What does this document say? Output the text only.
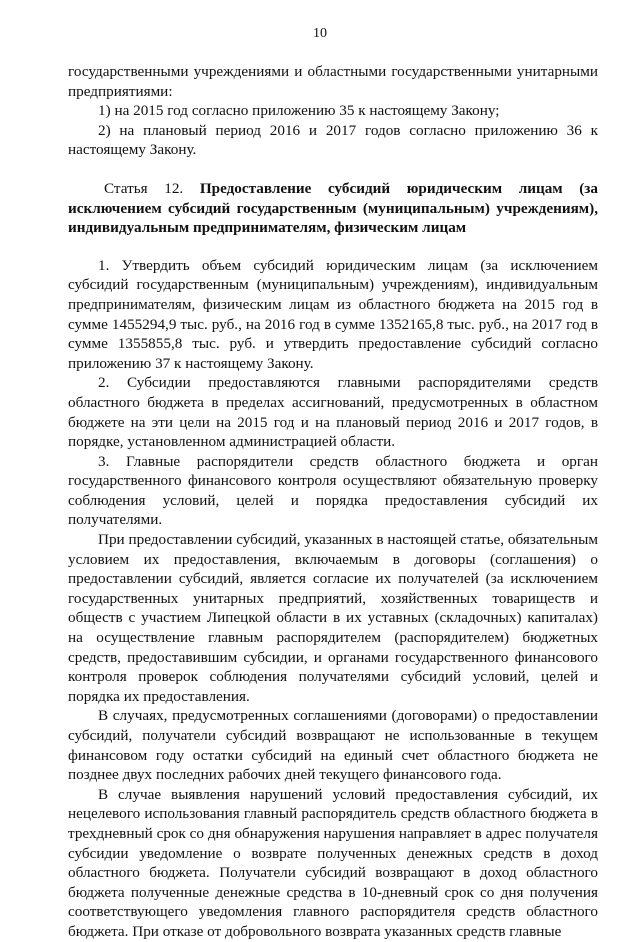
10

государственными учреждениями и областными государственными унитарными предприятиями:

1) на 2015 год согласно приложению 35 к настоящему Закону;

2) на плановый период 2016 и 2017 годов согласно приложению 36 к настоящему Закону.

Статья 12. Предоставление субсидий юридическим лицам (за исключением субсидий государственным (муниципальным) учреждениям), индивидуальным предпринимателям, физическим лицам

1. Утвердить объем субсидий юридическим лицам (за исключением субсидий государственным (муниципальным) учреждениям), индивидуальным предпринимателям, физическим лицам из областного бюджета на 2015 год в сумме 1455294,9 тыс. руб., на 2016 год в сумме 1352165,8 тыс. руб., на 2017 год в сумме 1355855,8 тыс. руб. и утвердить предоставление субсидий согласно приложению 37 к настоящему Закону.

2. Субсидии предоставляются главными распорядителями средств областного бюджета в пределах ассигнований, предусмотренных в областном бюджете на эти цели на 2015 год и на плановый период 2016 и 2017 годов, в порядке, установленном администрацией области.

3. Главные распорядители средств областного бюджета и орган государственного финансового контроля осуществляют обязательную проверку соблюдения условий, целей и порядка предоставления субсидий их получателями.

При предоставлении субсидий, указанных в настоящей статье, обязательным условием их предоставления, включаемым в договоры (соглашения) о предоставлении субсидий, является согласие их получателей (за исключением государственных унитарных предприятий, хозяйственных товариществ и обществ с участием Липецкой области в их уставных (складочных) капиталах) на осуществление главным распорядителем (распорядителем) бюджетных средств, предоставившим субсидии, и органами государственного финансового контроля проверок соблюдения получателями субсидий условий, целей и порядка их предоставления.

В случаях, предусмотренных соглашениями (договорами) о предоставлении субсидий, получатели субсидий возвращают не использованные в текущем финансовом году остатки субсидий на единый счет областного бюджета не позднее двух последних рабочих дней текущего финансового года.

В случае выявления нарушений условий предоставления субсидий, их нецелевого использования главный распорядитель средств областного бюджета в трехдневный срок со дня обнаружения нарушения направляет в адрес получателя субсидии уведомление о возврате полученных денежных средств в доход областного бюджета. Получатели субсидий возвращают в доход областного бюджета полученные денежные средства в 10-дневный срок со дня получения соответствующего уведомления главного распорядителя средств областного бюджета. При отказе от добровольного возврата указанных средств главные
